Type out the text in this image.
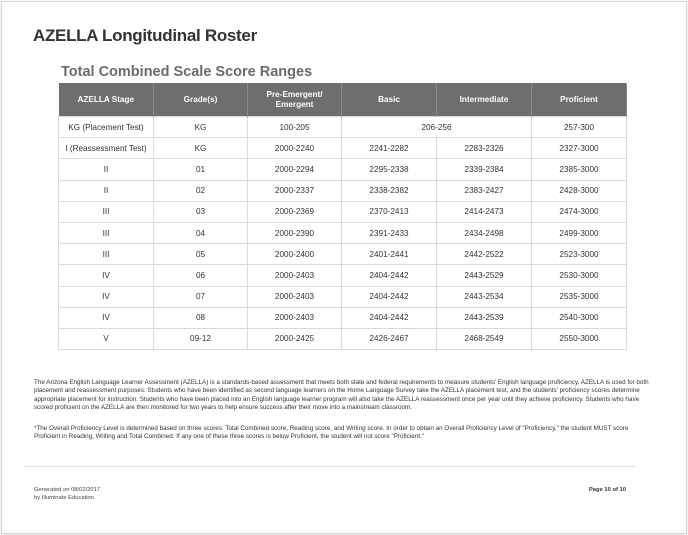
AZELLA Longitudinal Roster
Total Combined Scale Score Ranges
AZELLA Stage	Grade(s)	Pre-Emergent/
Emergent	Basic	Intermediate	Proficient
KG (Placement Test)	KG	100-205	206-256		257-300
I (Reassessment Test)	KG	2000-2240	2241-2282	2283-2326	2327-3000
II	01	2000-2294	2295-2338	2339-2384	2385-3000
II	02	2000-2337	2338-2382	2383-2427	2428-3000
III	03	2000-2369	2370-2413	2414-2473	2474-3000
III	04	2000-2390	2391-2433	2434-2498	2499-3000
III	05	2000-2400	2401-2441	2442-2522	2523-3000
IV	06	2000-2403	2404-2442	2443-2529	2530-3000
IV	07	2000-2403	2404-2442	2443-2534	2535-3000
IV	08	2000-2403	2404-2442	2443-2539	2540-3000
V	09-12	2000-2425	2426-2467	2468-2549	2550-3000
The Arizona English Language Learner Assessment (AZELLA) is a standards-based assessment that meets both state and federal requirements to measure students' English language proficiency. AZELLA is used for both placement and reassessment purposes. Students who have been identified as second language learners on the Home Language Survey take the AZELLA placement test, and the students' proficiency scores determine appropriate placement for instruction. Students who have been placed into an English language learner program will also take the AZELLA reassessment once per year until they achieve proficiency. Students who have scored proficient on the AZELLA are then monitored for two years to help ensure success after their move into a mainstream classroom.
*The Overall Proficiency Level is determined based on three scores: Total Combined score, Reading score, and Writing score. In order to obtain an Overall Proficiency Level of "Proficiency," the student MUST score Proficient in Reading, Writing and Total Combined. If any one of these three scores is below Proficient, the student will not score "Proficient."
Generated on 08/02/2017
by Illuminate Education
Page 10 of 10
